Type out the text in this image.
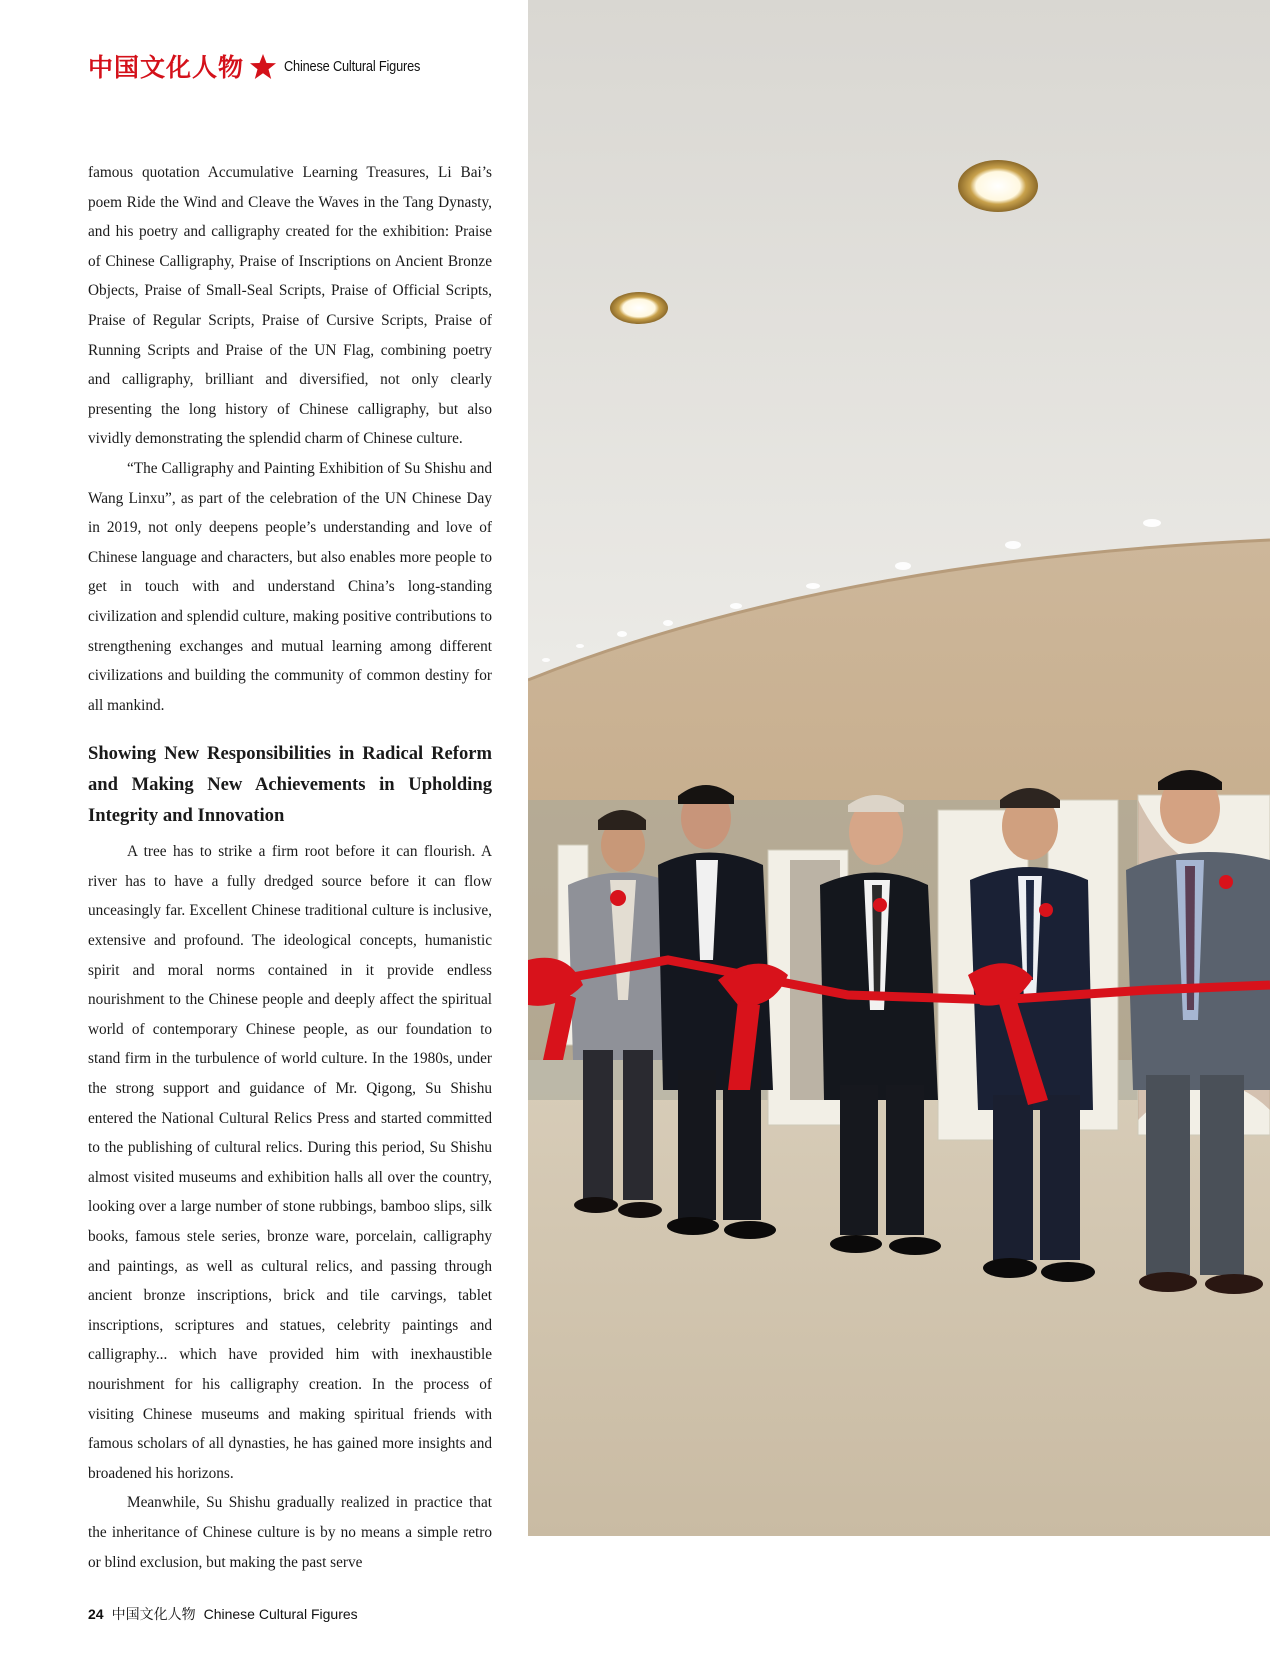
中国文化人物	Chinese Cultural Figures

famous quotation Accumulative Learning Treasures, Li Bai’s poem Ride the Wind and Cleave the Waves in the Tang Dynasty, and his poetry and calligraphy created for the exhibition: Praise of Chinese Calligraphy, Praise of Inscriptions on Ancient Bronze Objects, Praise of Small-Seal Scripts, Praise of Official Scripts, Praise of Regular Scripts, Praise of Cursive Scripts, Praise of Running Scripts and Praise of the UN Flag, combining poetry and calligraphy, brilliant and diversified, not only clearly presenting the long history of Chinese calligraphy, but also vividly demonstrating the splendid charm of Chinese culture.

“The Calligraphy and Painting Exhibition of Su Shishu and Wang Linxu”, as part of the celebration of the UN Chinese Day in 2019, not only deepens people’s understanding and love of Chinese language and characters, but also enables more people to get in touch with and understand China’s long-standing civilization and splendid culture, making positive contributions to strengthening exchanges and mutual learning among different civilizations and building the community of common destiny for all mankind.

Showing New Responsibilities in Radical Reform and Making New Achievements in Upholding Integrity and Innovation

A tree has to strike a firm root before it can flourish. A river has to have a fully dredged source before it can flow unceasingly far. Excellent Chinese traditional culture is inclusive, extensive and profound. The ideological concepts, humanistic spirit and moral norms contained in it provide endless nourishment to the Chinese people and deeply affect the spiritual world of contemporary Chinese people, as our foundation to stand firm in the turbulence of world culture. In the 1980s, under the strong support and guidance of Mr. Qigong, Su Shishu entered the National Cultural Relics Press and started committed to the publishing of cultural relics. During this period, Su Shishu almost visited museums and exhibition halls all over the country, looking over a large number of stone rubbings, bamboo slips, silk books, famous stele series, bronze ware, porcelain, calligraphy and paintings, as well as cultural relics, and passing through ancient bronze inscriptions, brick and tile carvings, tablet inscriptions, scriptures and statues, celebrity paintings and calligraphy... which have provided him with inexhaustible nourishment for his calligraphy creation. In the process of visiting Chinese museums and making spiritual friends with famous scholars of all dynasties, he has gained more insights and broadened his horizons.

Meanwhile, Su Shishu gradually realized in practice that the inheritance of Chinese culture is by no means a simple retro or blind exclusion, but making the past serve

24 中国文化人物 Chinese Cultural Figures
